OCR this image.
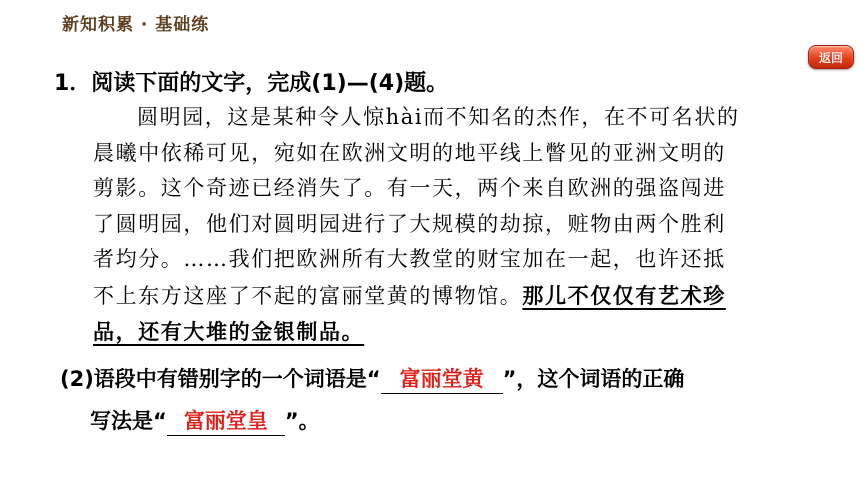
新知积累 · 基础练
返回
1．阅读下面的文字，完成(1)—(4)题。
圆明园，这是某种令人惊hài而不知名的杰作，在不可名状的
晨曦中依稀可见，宛如在欧洲文明的地平线上瞥见的亚洲文明的
剪影。这个奇迹已经消失了。有一天，两个来自欧洲的强盗闯进
了圆明园，他们对圆明园进行了大规模的劫掠，赃物由两个胜利
者均分。……我们把欧洲所有大教堂的财宝加在一起，也许还抵
不上东方这座了不起的富丽堂黄的博物馆。那儿不仅仅有艺术珍
品，还有大堆的金银制品。
(2)语段中有错别字的一个词语是“ 富丽堂黄 ”，这个词语的正确
写法是“ 富丽堂皇 ”。
